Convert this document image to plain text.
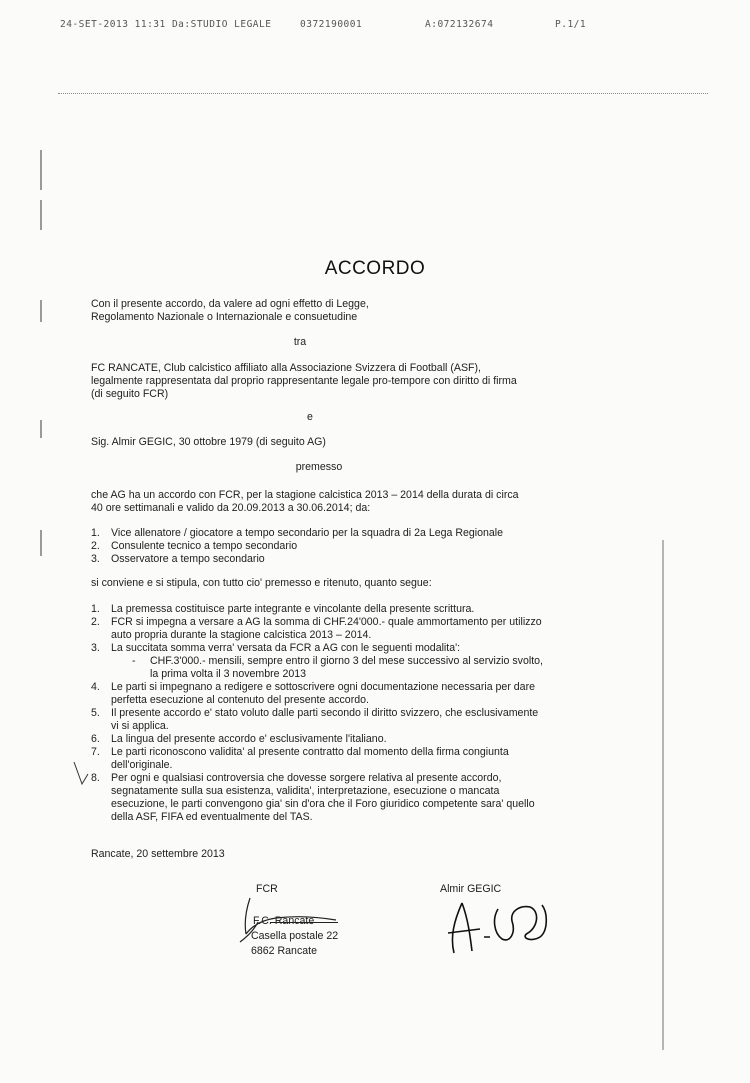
24-SET-2013 11:31 Da:STUDIO LEGALE	0372190001	A:072132674	P.1/1
ACCORDO
Con il presente accordo, da valere ad ogni effetto di Legge,
Regolamento Nazionale o Internazionale e consuetudine
tra
FC RANCATE, Club calcistico affiliato alla Associazione Svizzera di Football (ASF),
legalmente rappresentata dal proprio rappresentante legale pro-tempore con diritto di firma
(di seguito FCR)
e
Sig. Almir GEGIC, 30 ottobre 1979 (di seguito AG)
premesso
che AG ha un accordo con FCR, per la stagione calcistica 2013 – 2014 della durata di circa
40 ore settimanali e valido da 20.09.2013 a 30.06.2014; da:
1. Vice allenatore / giocatore a tempo secondario per la squadra di 2a Lega Regionale
2. Consulente tecnico a tempo secondario
3. Osservatore a tempo secondario
si conviene e si stipula, con tutto cio' premesso e ritenuto, quanto segue:
1. La premessa costituisce parte integrante e vincolante della presente scrittura.
2. FCR si impegna a versare a AG la somma di CHF.24'000.- quale ammortamento per utilizzo
auto propria durante la stagione calcistica 2013 – 2014.
3. La succitata somma verra' versata da FCR a AG con le seguenti modalita':
- CHF.3'000.- mensili, sempre entro il giorno 3 del mese successivo al servizio svolto,
la prima volta il 3 novembre 2013
4. Le parti si impegnano a redigere e sottoscrivere ogni documentazione necessaria per dare
perfetta esecuzione al contenuto del presente accordo.
5. Il presente accordo e' stato voluto dalle parti secondo il diritto svizzero, che esclusivamente
vi si applica.
6. La lingua del presente accordo e' esclusivamente l'italiano.
7. Le parti riconoscono validita' al presente contratto dal momento della firma congiunta
dell'originale.
8. Per ogni e qualsiasi controversia che dovesse sorgere relativa al presente accordo,
segnatamente sulla sua esistenza, validita', interpretazione, esecuzione o mancata
esecuzione, le parti convengono gia' sin d'ora che il Foro giuridico competente sara' quello
della ASF, FIFA ed eventualmente del TAS.
Rancate, 20 settembre 2013
FCR
F.C. Rancate
Casella postale 22
6862 Rancate
Almir GEGIC
